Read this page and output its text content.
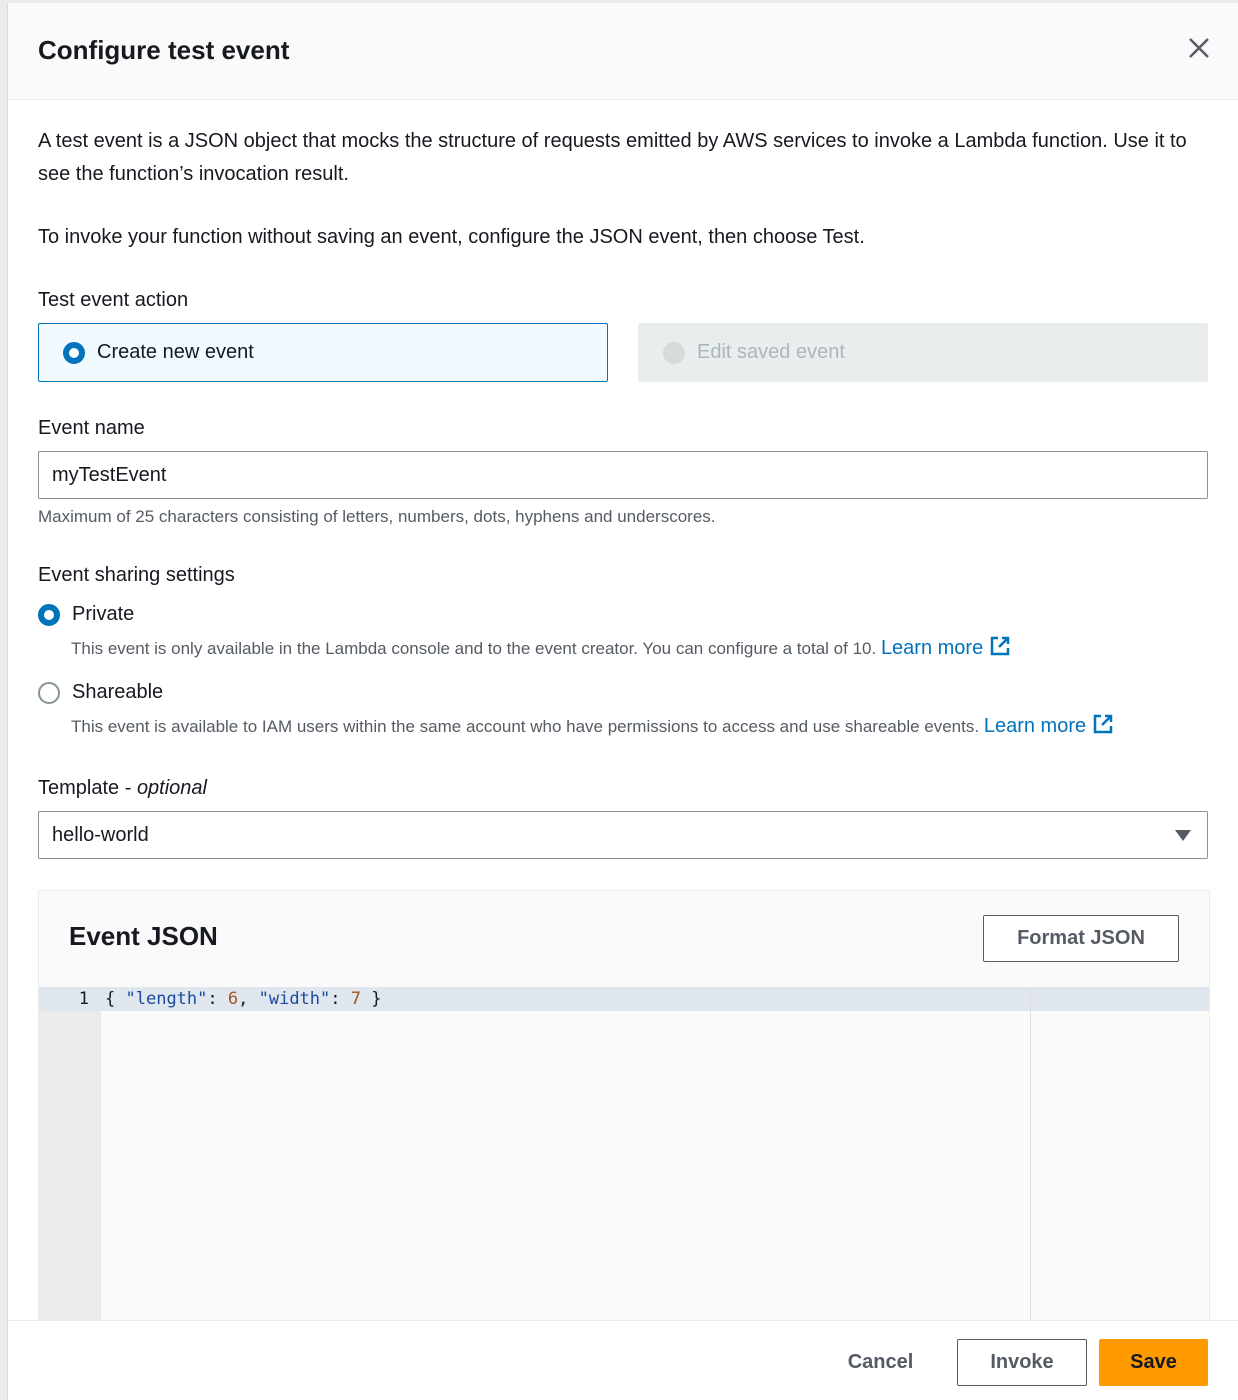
Configure test event
A test event is a JSON object that mocks the structure of requests emitted by AWS services to invoke a Lambda function. Use it to see the function’s invocation result.
To invoke your function without saving an event, configure the JSON event, then choose Test.
Test event action
Create new event	Edit saved event
Event name
myTestEvent
Maximum of 25 characters consisting of letters, numbers, dots, hyphens and underscores.
Event sharing settings
Private
This event is only available in the Lambda console and to the event creator. You can configure a total of 10. Learn more
Shareable
This event is available to IAM users within the same account who have permissions to access and use shareable events. Learn more
Template - optional
hello-world
Event JSON	Format JSON
1 { "length": 6, "width": 7 }
Cancel	Invoke	Save
